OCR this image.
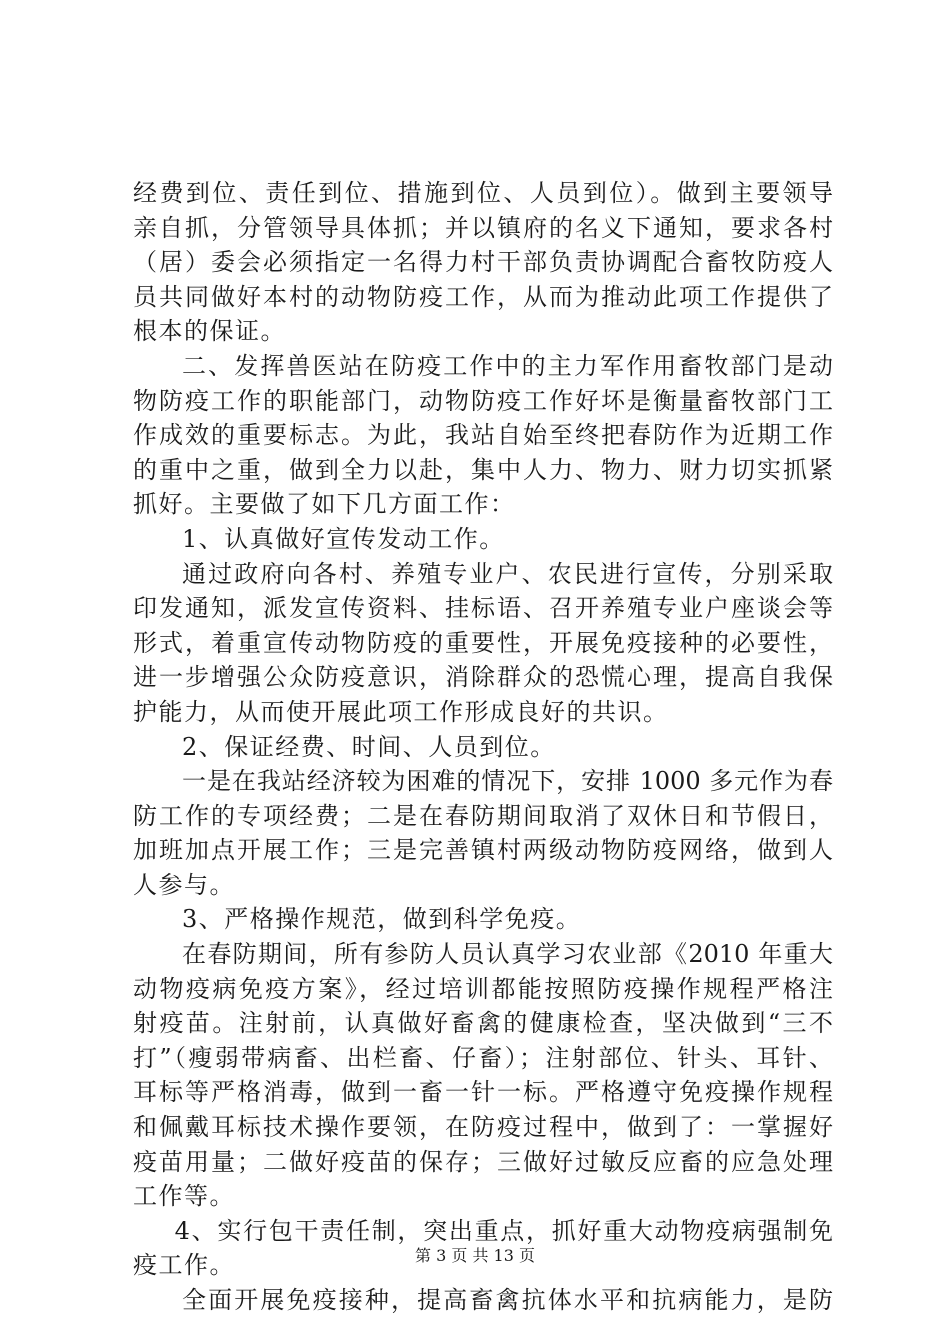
经费到位、责任到位、措施到位、人员到位）。做到主要领导
亲自抓，分管领导具体抓；并以镇府的名义下通知，要求各村
（居）委会必须指定一名得力村干部负责协调配合畜牧防疫人
员共同做好本村的动物防疫工作，从而为推动此项工作提供了
根本的保证。
二、发挥兽医站在防疫工作中的主力军作用畜牧部门是动
物防疫工作的职能部门，动物防疫工作好坏是衡量畜牧部门工
作成效的重要标志。为此，我站自始至终把春防作为近期工作
的重中之重，做到全力以赴，集中人力、物力、财力切实抓紧
抓好。主要做了如下几方面工作：
1、认真做好宣传发动工作。
通过政府向各村、养殖专业户、农民进行宣传，分别采取
印发通知，派发宣传资料、挂标语、召开养殖专业户座谈会等
形式，着重宣传动物防疫的重要性，开展免疫接种的必要性，
进一步增强公众防疫意识，消除群众的恐慌心理，提高自我保
护能力，从而使开展此项工作形成良好的共识。
2、保证经费、时间、人员到位。
一是在我站经济较为困难的情况下，安排 1000 多元作为春
防工作的专项经费；二是在春防期间取消了双休日和节假日，
加班加点开展工作；三是完善镇村两级动物防疫网络，做到人
人参与。
3、严格操作规范，做到科学免疫。
在春防期间，所有参防人员认真学习农业部《2010 年重大
动物疫病免疫方案》，经过培训都能按照防疫操作规程严格注
射疫苗。注射前，认真做好畜禽的健康检查，坚决做到“三不
打”（瘦弱带病畜、出栏畜、仔畜）；注射部位、针头、耳针、
耳标等严格消毒，做到一畜一针一标。严格遵守免疫操作规程
和佩戴耳标技术操作要领，在防疫过程中，做到了：一掌握好
疫苗用量；二做好疫苗的保存；三做好过敏反应畜的应急处理
工作等。
4、实行包干责任制，突出重点，抓好重大动物疫病强制免
疫工作。
全面开展免疫接种，提高畜禽抗体水平和抗病能力，是防
第 3 页 共 13 页
